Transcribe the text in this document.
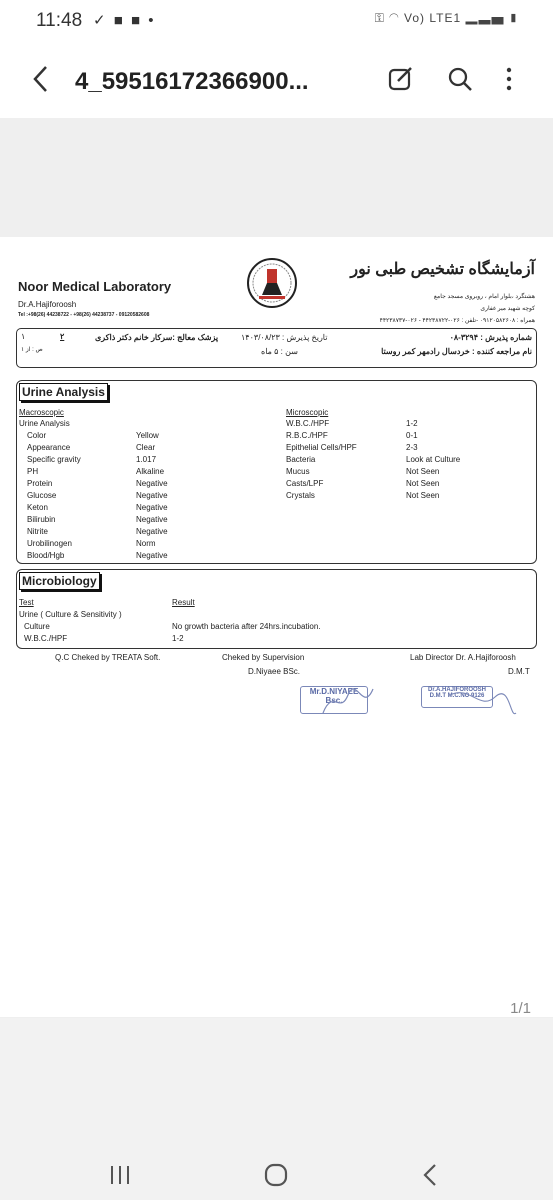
11:48 ✓ ■ ■ •	⚿ ◠ Vo) LTE1 ▂▃▅ ▮
4_59516172366900...
Noor Medical Laboratory
Dr.A.Hajiforoosh
Tel :+98(26) 44238722 - +98(26) 44238737 - 09120582608
آزمایشگاه تشخیص طبی نور
هشتگرد ،بلوار امام ، روبروی مسجد جامع
کوچه شهید میر غفاری
همراه : ۰۹۱۲۰۵۸۲۶۰۸ -تلفن : ۰۲۶-۴۴۲۳۸۷۲۲ - ۰۲۶-۴۴۲۳۸۷۳۷
۱
ص : از ۱
۲	پزشک معالج :سرکار خانم دکتر ذاکری	تاریخ پذیرش : ۱۴۰۳/۰۸/۲۳
سن : ۵ ماه
شماره پذیرش : ۳۲۹۴-۰۸
نام مراجعه کننده : خردسال رادمهر کمر روستا
Urine Analysis
Macroscopic
Urine Analysis
Microscopic
Microbiology
Test	Result
Urine ( Culture & Sensitivity )
Culture	No growth bacteria after 24hrs.incubation.
W.B.C./HPF	1-2
Q.C Cheked by TREATA Soft.	Cheked by Supervision
D.Niyaee BSc.
Lab Director Dr. A.Hajiforoosh
D.M.T
Mr.D.NIYAEE
Bsc.
Dr.A.HAJIFOROOSH
D.M.T M.C.NO 9126
Color	Yellow
Appearance	Clear
Specific gravity	1.017
PH	Alkaline
Protein	Negative
Glucose	Negative
Keton	Negative
Bilirubin	Negative
Nitrite	Negative
Urobilinogen	Norm
Blood/Hgb	Negative
W.B.C./HPF	1-2
R.B.C./HPF	0-1
Epithelial Cells/HPF	2-3
Bacteria	Look at Culture
Mucus	Not Seen
Casts/LPF	Not Seen
Crystals	Not Seen
1/1
